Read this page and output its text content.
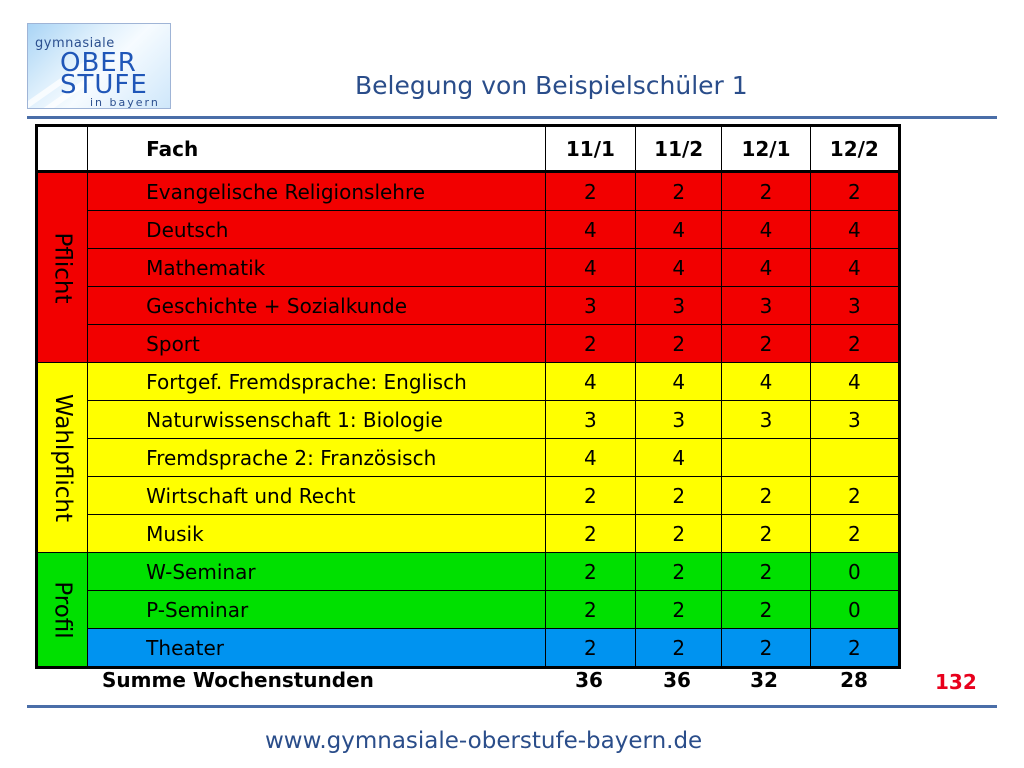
gymnasiale
OBER
STUFE
in bayern
Belegung von Beispielschüler 1
	Fach	11/1	11/2	12/1	12/2

Pflicht	Evangelische Religionslehre	2	2	2	2
	Deutsch	4	4	4	4
	Mathematik	4	4	4	4
	Geschichte + Sozialkunde	3	3	3	3
	Sport	2	2	2	2

Wahlpflicht	Fortgef. Fremdsprache: Englisch	4	4	4	4
	Naturwissenschaft 1: Biologie	3	3	3	3
	Fremdsprache 2: Französisch	4	4		
	Wirtschaft und Recht	2	2	2	2
	Musik	2	2	2	2

Profil	W-Seminar	2	2	2	0
	P-Seminar	2	2	2	0
	Theater	2	2	2	2
Summe Wochenstunden	36	36	32	28	132
www.gymnasiale-oberstufe-bayern.de
